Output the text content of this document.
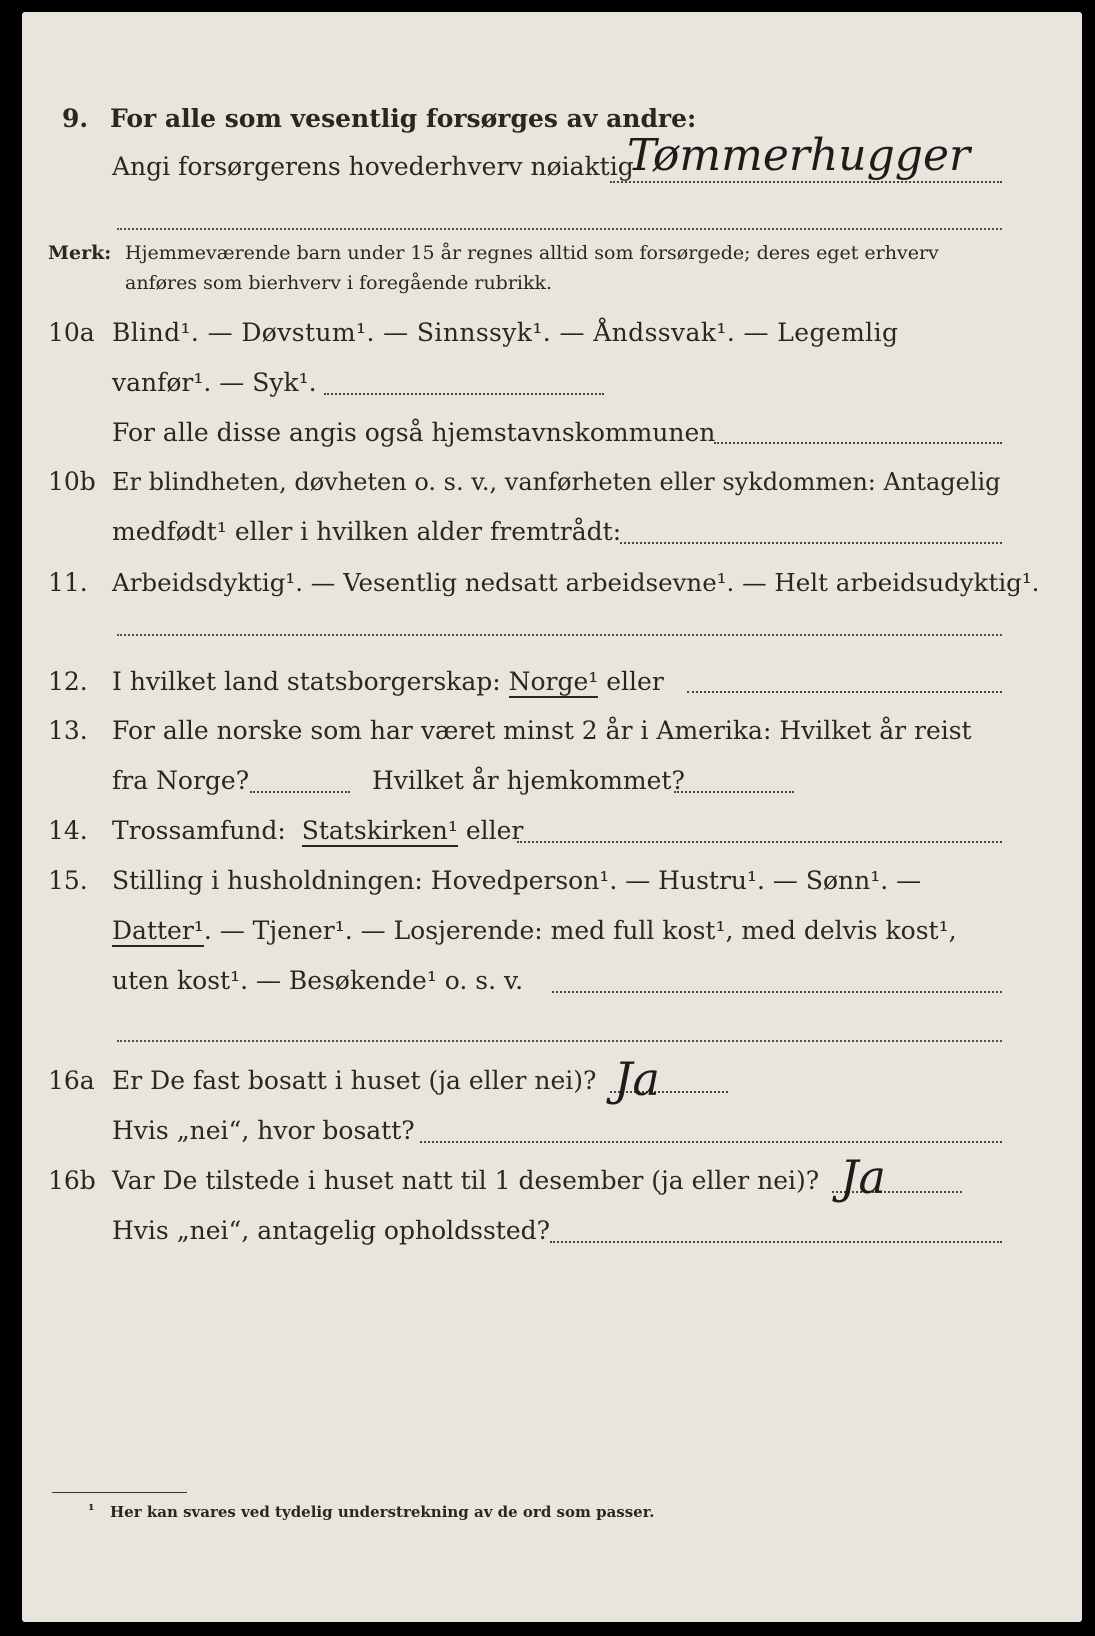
9. For alle som vesentlig forsørges av andre:
Angi forsørgerens hovederhverv nøiaktig
Tømmerhugger
Merk: Hjemmeværende barn under 15 år regnes alltid som forsørgede; deres eget erhverv
anføres som bierhverv i foregående rubrikk.
10a Blind¹. — Døvstum¹. — Sinnssyk¹. — Åndssvak¹. — Legemlig
vanfør¹. — Syk¹.
For alle disse angis også hjemstavnskommunen
10b Er blindheten, døvheten o. s. v., vanførheten eller sykdommen: Antagelig
medfødt¹ eller i hvilken alder fremtrådt:
11. Arbeidsdyktig¹. — Vesentlig nedsatt arbeidsevne¹. — Helt arbeidsudyktig¹.
12. I hvilket land statsborgerskap: Norge¹ eller
13. For alle norske som har været minst 2 år i Amerika: Hvilket år reist
fra Norge?	Hvilket år hjemkommet?
14. Trossamfund: Statskirken¹ eller
15. Stilling i husholdningen: Hovedperson¹. — Hustru¹. — Sønn¹. —
Datter¹. — Tjener¹. — Losjerende: med full kost¹, med delvis kost¹,
uten kost¹. — Besøkende¹ o. s. v.
16a Er De fast bosatt i huset (ja eller nei)? Ja
Hvis „nei“, hvor bosatt?
16b Var De tilstede i huset natt til 1 desember (ja eller nei)? Ja
Hvis „nei“, antagelig opholdssted?
¹ Her kan svares ved tydelig understrekning av de ord som passer.
